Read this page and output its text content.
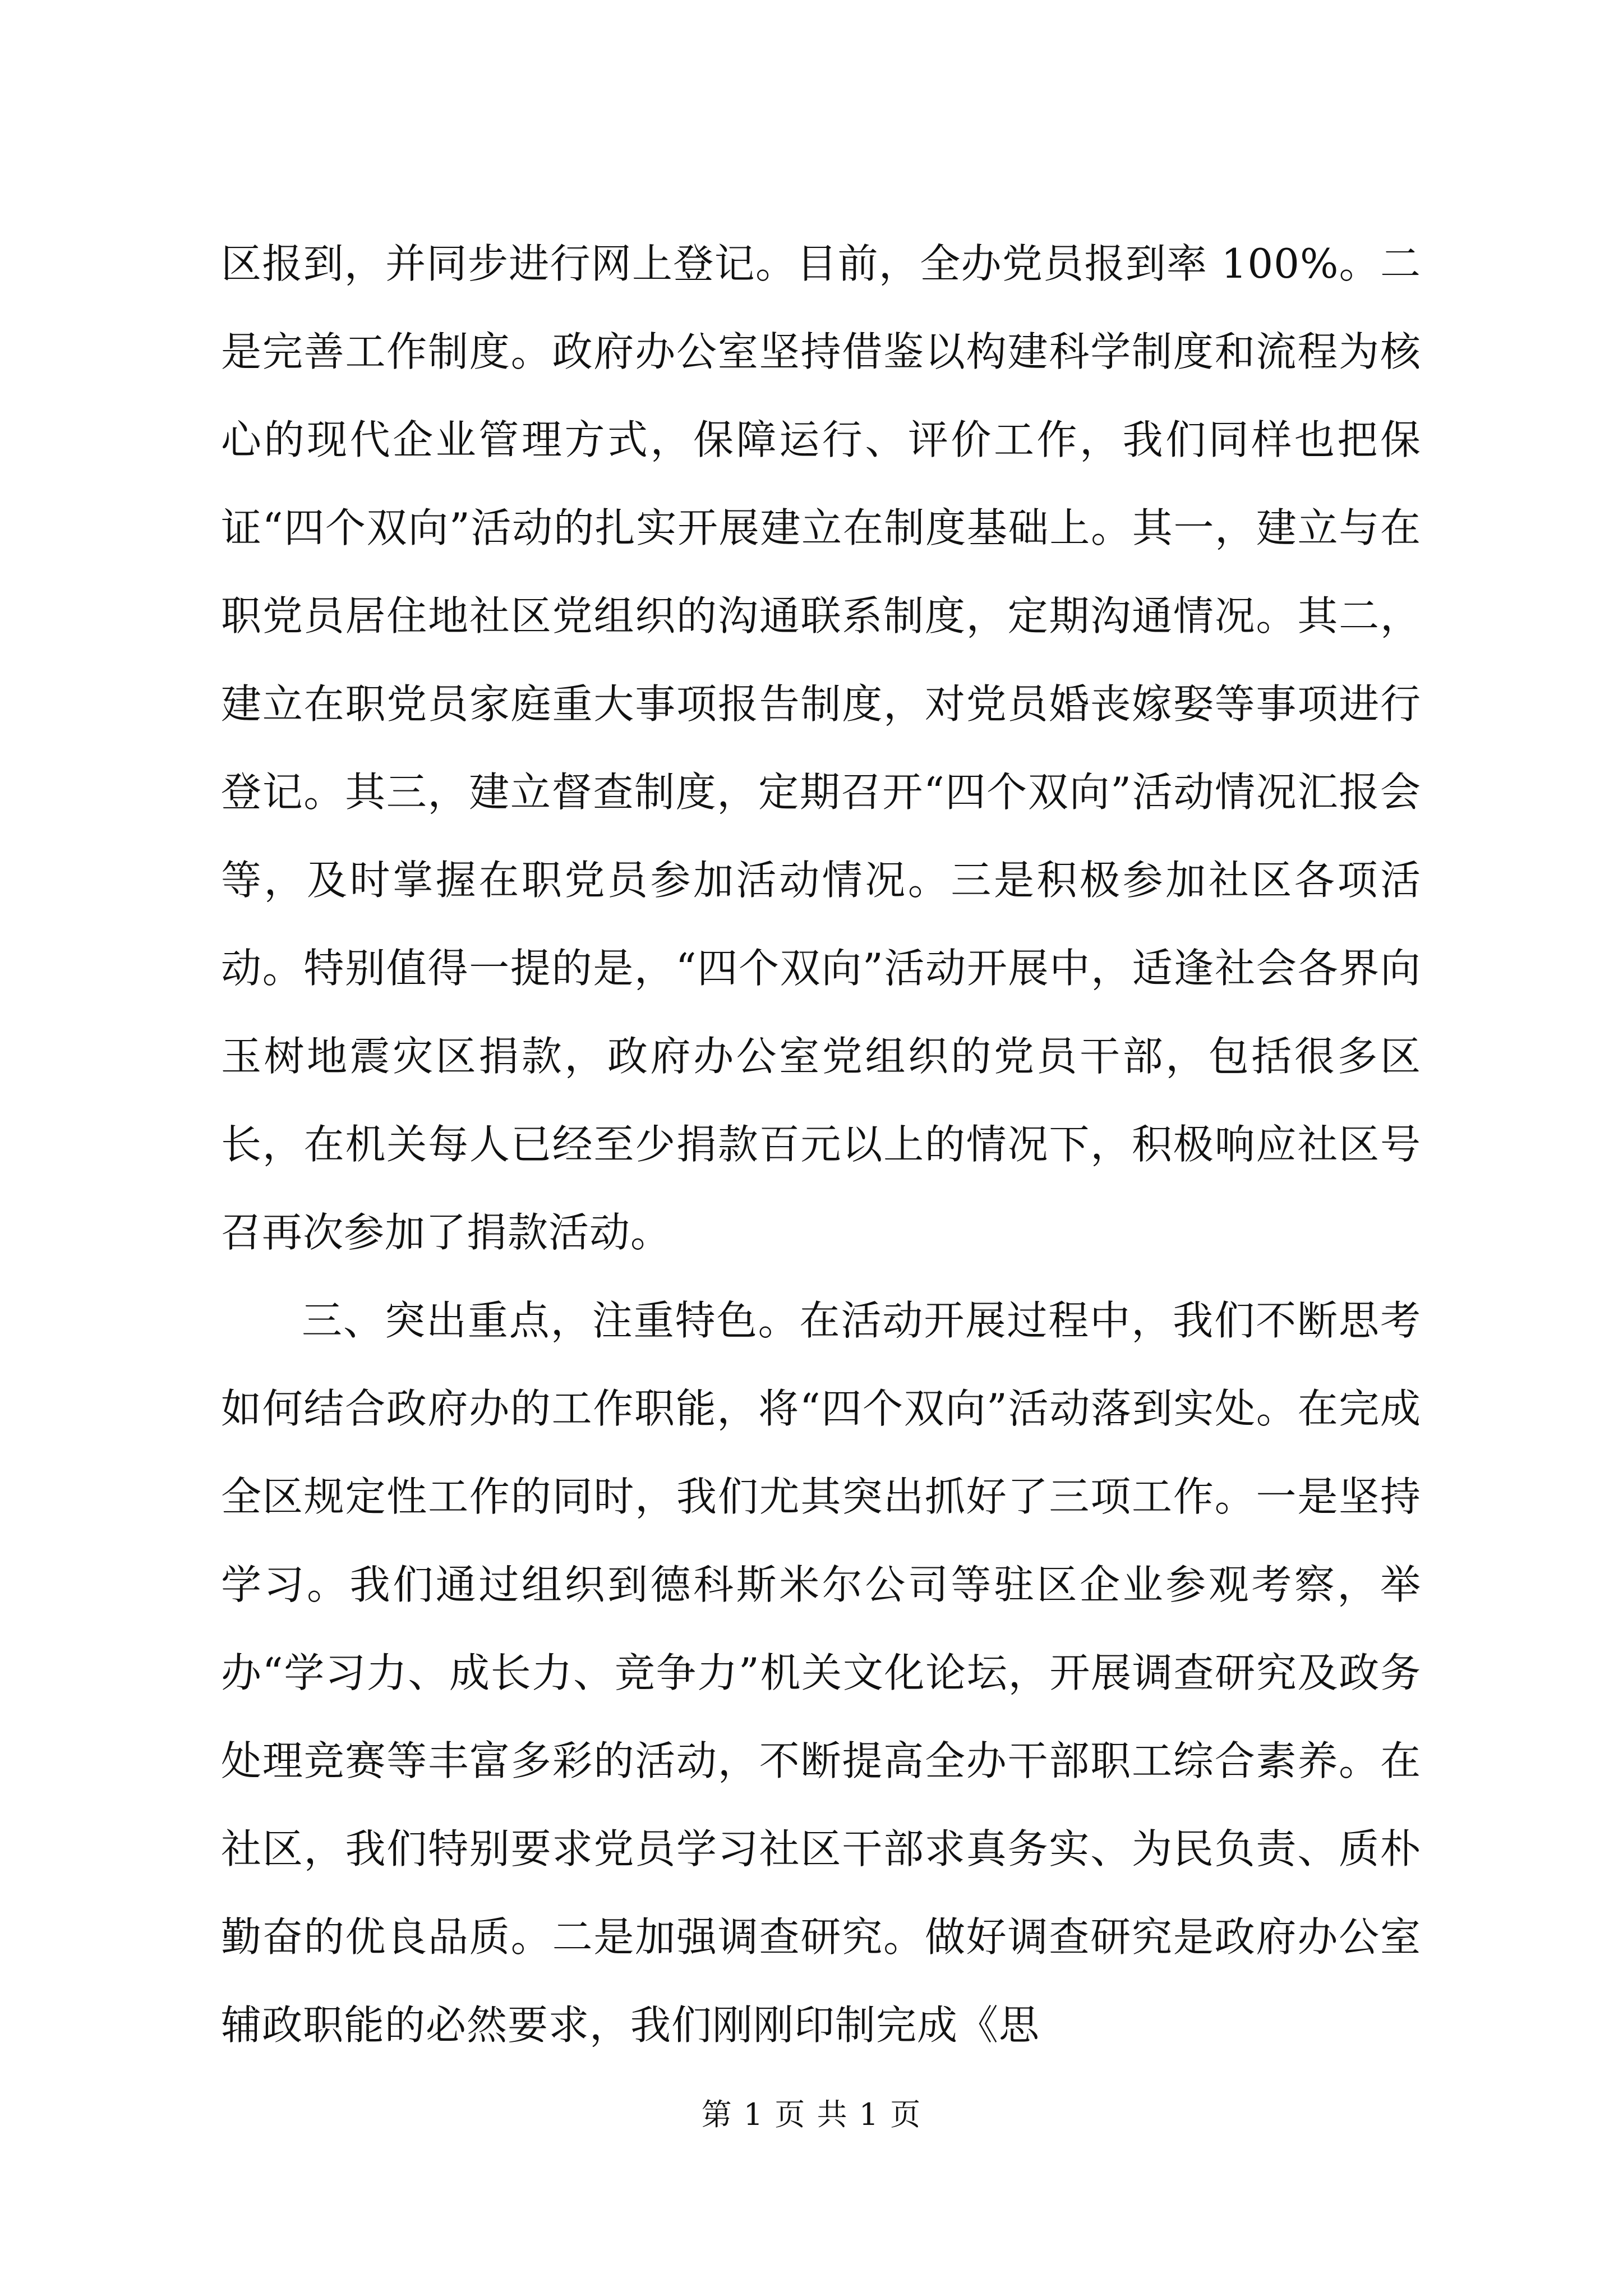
区报到，并同步进行网上登记。目前，全办党员报到率 100%。二是完善工作制度。政府办公室坚持借鉴以构建科学制度和流程为核心的现代企业管理方式，保障运行、评价工作，我们同样也把保证“四个双向”活动的扎实开展建立在制度基础上。其一，建立与在职党员居住地社区党组织的沟通联系制度，定期沟通情况。其二，建立在职党员家庭重大事项报告制度，对党员婚丧嫁娶等事项进行登记。其三，建立督查制度，定期召开“四个双向”活动情况汇报会等，及时掌握在职党员参加活动情况。三是积极参加社区各项活动。特别值得一提的是，“四个双向”活动开展中，适逢社会各界向玉树地震灾区捐款，政府办公室党组织的党员干部，包括很多区长，在机关每人已经至少捐款百元以上的情况下，积极响应社区号召再次参加了捐款活动。

三、突出重点，注重特色。在活动开展过程中，我们不断思考如何结合政府办的工作职能，将“四个双向”活动落到实处。在完成全区规定性工作的同时，我们尤其突出抓好了三项工作。一是坚持学习。我们通过组织到德科斯米尔公司等驻区企业参观考察，举办“学习力、成长力、竞争力”机关文化论坛，开展调查研究及政务处理竞赛等丰富多彩的活动，不断提高全办干部职工综合素养。在社区，我们特别要求党员学习社区干部求真务实、为民负责、质朴勤奋的优良品质。二是加强调查研究。做好调查研究是政府办公室辅政职能的必然要求，我们刚刚印制完成《思

第 1 页 共 1 页
